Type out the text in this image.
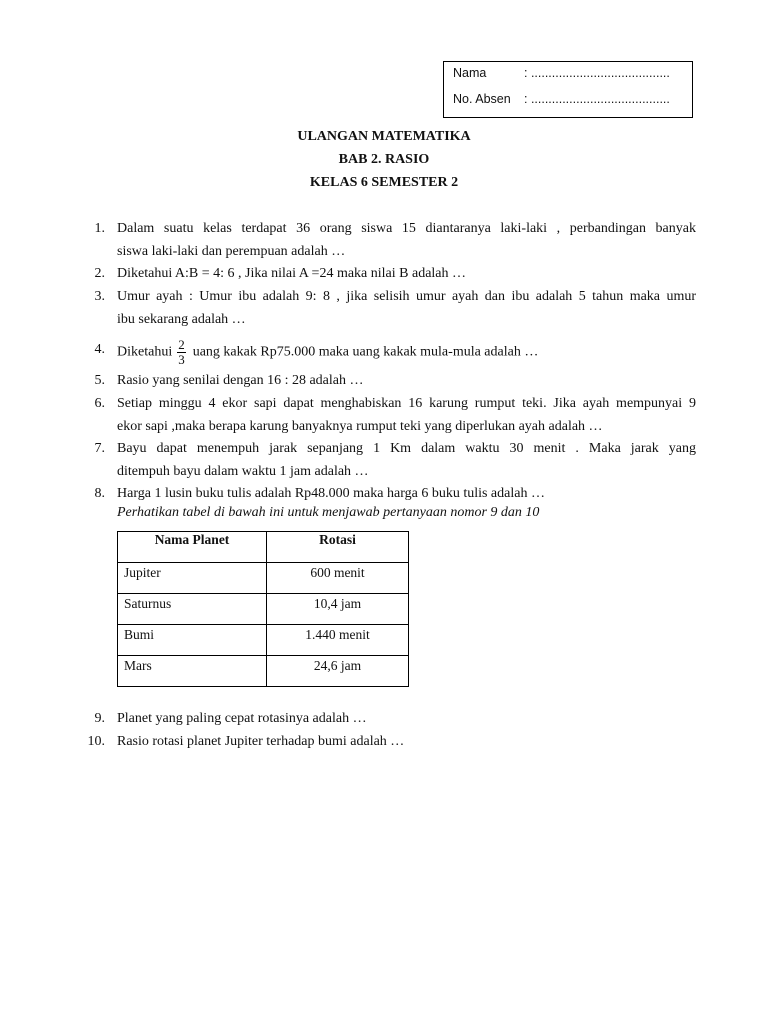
Nama	: ........................................
No. Absen : ........................................
ULANGAN MATEMATIKA
BAB 2. RASIO
KELAS 6 SEMESTER 2
1. Dalam suatu kelas terdapat 36 orang siswa 15 diantaranya laki-laki , perbandingan banyak
siswa laki-laki dan perempuan adalah …
2. Diketahui A:B = 4: 6 , Jika nilai A =24 maka nilai B adalah …
3. Umur ayah : Umur ibu adalah 9: 8 , jika selisih umur ayah dan ibu adalah 5 tahun maka umur
ibu sekarang adalah …
4. Diketahui $\frac{2}{3}$ uang kakak Rp75.000 maka uang kakak mula-mula adalah …
5. Rasio yang senilai dengan 16 : 28 adalah …
6. Setiap minggu 4 ekor sapi dapat menghabiskan 16 karung rumput teki. Jika ayah mempunyai 9
ekor sapi ,maka berapa karung banyaknya rumput teki yang diperlukan ayah adalah …
7. Bayu dapat menempuh jarak sepanjang 1 Km dalam waktu 30 menit . Maka jarak yang
ditempuh bayu dalam waktu 1 jam adalah …
8. Harga 1 lusin buku tulis adalah Rp48.000 maka harga 6 buku tulis adalah …
Perhatikan tabel di bawah ini untuk menjawab pertanyaan nomor 9 dan 10
Nama Planet	Rotasi
Jupiter	600 menit
Saturnus	10,4 jam
Bumi	1.440 menit
Mars	24,6 jam
9. Planet yang paling cepat rotasinya adalah …
10. Rasio rotasi planet Jupiter terhadap bumi adalah …
